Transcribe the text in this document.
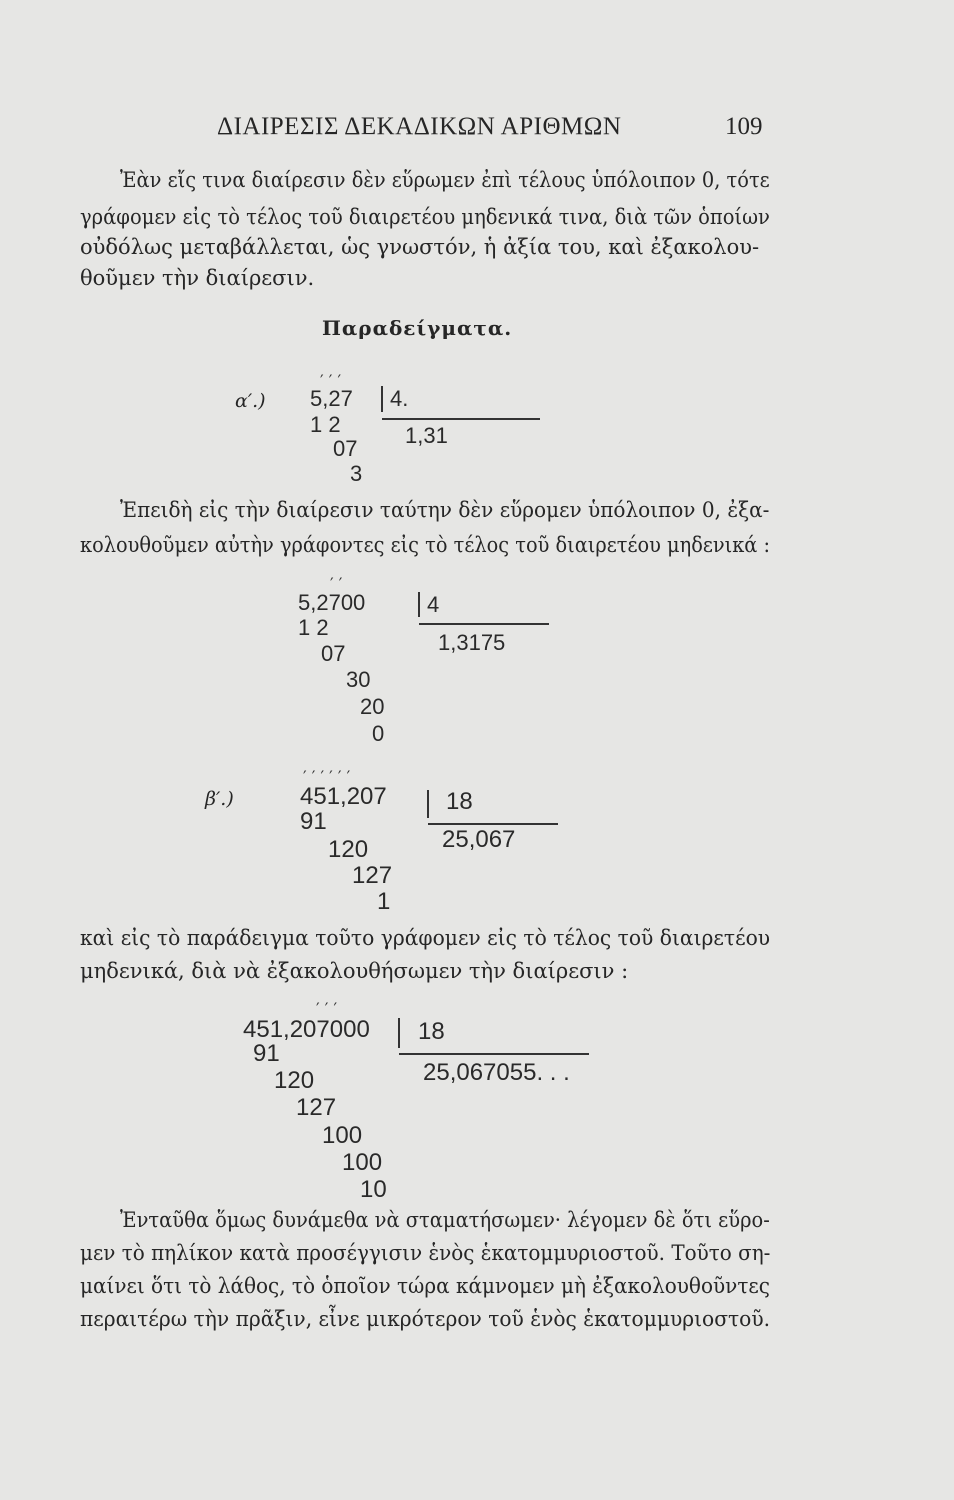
ΔΙΑΙΡΕΣΙΣ ΔΕΚΑΔΙΚΩΝ ΑΡΙΘΜΩΝ	109
Ἐὰν εἴς τινα διαίρεσιν δὲν εὕρωμεν ἐπὶ τέλους ὑπόλοιπον 0, τότε
γράφομεν εἰς τὸ τέλος τοῦ διαιρετέου μηδενικά τινα, διὰ τῶν ὁποίων
οὐδόλως μεταβάλλεται, ὡς γνωστόν, ἡ ἀξία του, καὶ ἐξακολου-
θοῦμεν τὴν διαίρεσιν.
Παραδείγματα.
α′.) 5,27
′ ′ ′
4.
1,31
1 2
07
3
Ἐπειδὴ εἰς τὴν διαίρεσιν ταύτην δὲν εὕρομεν ὑπόλοιπον 0, ἐξα-
κολουθοῦμεν αὐτὴν γράφοντες εἰς τὸ τέλος τοῦ διαιρετέου μηδενικά :
5,2700
′ ′
4
1,3175
1 2
07
30
20
0
β′.)	451,207
′ ′ ′ ′ ′ ′
18
25,067
91
120
127
1
καὶ εἰς τὸ παράδειγμα τοῦτο γράφομεν εἰς τὸ τέλος τοῦ διαιρετέου
μηδενικά, διὰ νὰ ἐξακολουθήσωμεν τὴν διαίρεσιν :
451,207000
′ ′ ′
18
25,067055. . .
91
120
127
100
100
10
Ἐνταῦθα ὅμως δυνάμεθα νὰ σταματήσωμεν· λέγομεν δὲ ὅτι εὕρο-
μεν τὸ πηλίκον κατὰ προσέγγισιν ἑνὸς ἑκατομμυριοστοῦ. Τοῦτο ση-
μαίνει ὅτι τὸ λάθος, τὸ ὁποῖον τώρα κάμνομεν μὴ ἐξακολουθοῦντες
περαιτέρω τὴν πρᾶξιν, εἶνε μικρότερον τοῦ ἑνὸς ἑκατομμυριοστοῦ.
